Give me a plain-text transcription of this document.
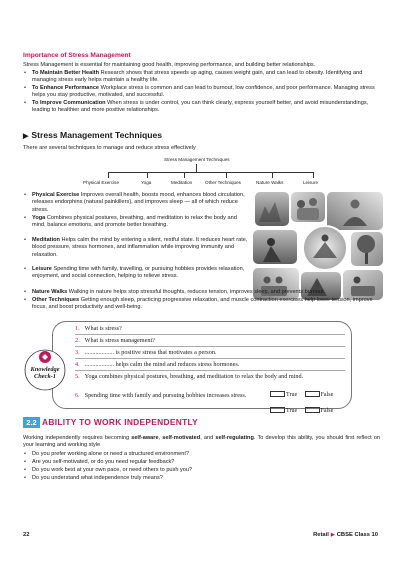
Importance of Stress Management
Stress Management is essential for maintaining good health, improving performance, and building better relationships.
• To Maintain Better Health Research shows that stress speeds up aging, causes weight gain, and can lead to obesity. Identifying and managing stress early helps maintain a healthy life.
• To Enhance Performance Workplace stress is common and can lead to burnout, low confidence, and poor performance. Managing stress helps you stay productive, motivated, and successful.
• To Improve Communication When stress is under control, you can think clearly, express yourself better, and avoid misunderstandings, leading to healthier and more positive relationships.
▶ Stress Management Techniques
There are several techniques to manage and reduce stress effectively
Stress Management Techniques
Physical Exercise	Yoga	Meditation	Other Techniques	Nature Walks	Leisure
• Physical Exercise Improves overall health, boosts mood, enhances blood circulation, releases endorphins (natural painkillers), and improves sleep — all of which reduce stress.
• Yoga Combines physical postures, breathing, and meditation to relax the body and mind, balance emotions, and promote better breathing.
• Meditation Helps calm the mind by entering a silent, restful state. It reduces heart rate, blood pressure, stress hormones, and inflammation while improving immunity and relaxation.
• Leisure Spending time with family, travelling, or pursuing hobbies provides relaxation, enjoyment, and social connection, helping to relieve stress.
• Nature Walks Walking in nature helps stop stressful thoughts, reduces tension, improves sleep, and prevents burnout.
• Other Techniques Getting enough sleep, practicing progressive relaxation, and muscle contraction exercises help lower tension, improve focus, and boost productivity and well-being.
Knowledge
Check-1
1. What is stress?
2. What is stress management?
3. ................... is positive stress that motivates a person.
4. ................... helps calm the mind and reduces stress hormones.
5. Yoga combines physical postures, breathing, and meditation to relax the body and mind.
True	False
6. Spending time with family and pursuing hobbies increases stress.
True	False
2.2 ABILITY TO WORK INDEPENDENTLY
Working independently requires becoming self-aware, self-motivated, and self-regulating. To develop this ability, you should first reflect on your learning and working style
• Do you prefer working alone or need a structured environment?
• Are you self-motivated, or do you need regular feedback?
• Do you work best at your own pace, or need others to push you?
• Do you understand what independence truly means?
22	Retail ▶ CBSE Class 10
